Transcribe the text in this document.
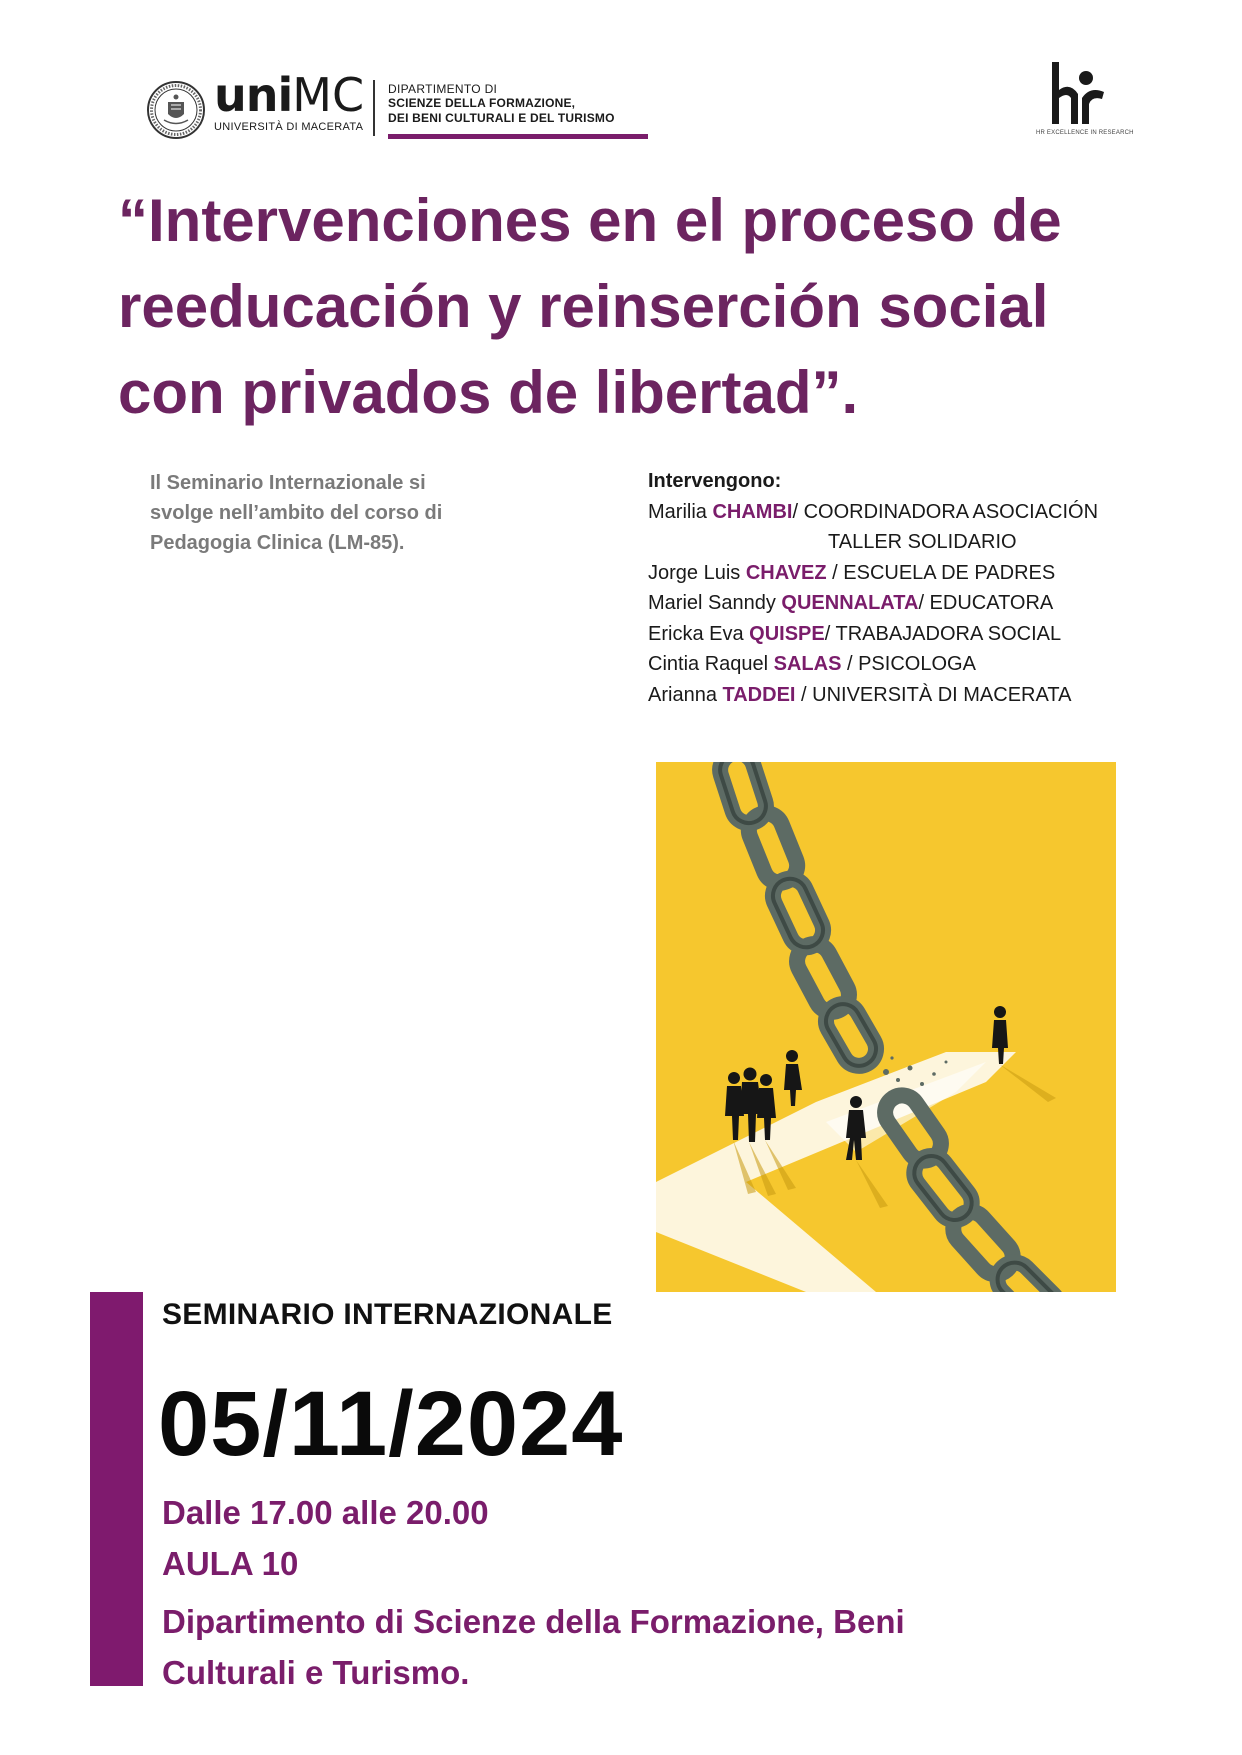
uniMC
UNIVERSITÀ DI MACERATA
DIPARTIMENTO DI
SCIENZE DELLA FORMAZIONE,
DEI BENI CULTURALI E DEL TURISMO
HR EXCELLENCE IN RESEARCH
“Intervenciones en el proceso de
reeducación y reinserción social
con privados de libertad”.
Il Seminario Internazionale si
svolge nell’ambito del corso di
Pedagogia Clinica (LM-85).
Intervengono:
Marilia CHAMBI/ COORDINADORA ASOCIACIÓN
TALLER SOLIDARIO
Jorge Luis CHAVEZ / ESCUELA DE PADRES
Mariel Sanndy QUENNALATA/ EDUCATORA
Ericka Eva QUISPE/ TRABAJADORA SOCIAL
Cintia Raquel SALAS / PSICOLOGA
Arianna TADDEI / UNIVERSITÀ DI MACERATA
SEMINARIO INTERNAZIONALE
05/11/2024
Dalle 17.00 alle 20.00
AULA 10
Dipartimento di Scienze della Formazione, Beni
Culturali e Turismo.
